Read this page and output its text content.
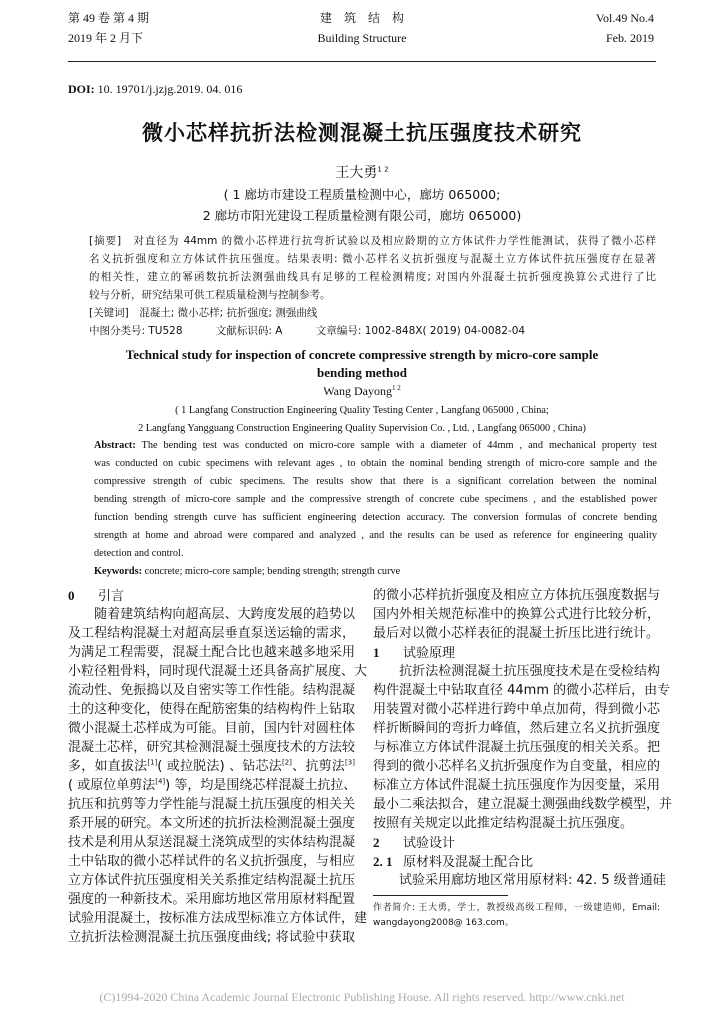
第 49 卷 第 4 期
2019 年 2 月下
建　筑　结　构
Building Structure
Vol.49 No.4
Feb. 2019
DOI: 10. 19701/j.jzjg.2019. 04. 016
微小芯样抗折法检测混凝土抗压强度技术研究
王大勇$^{1 2}$
( 1 廊坊市建设工程质量检测中心，廊坊 065000;
2 廊坊市阳光建设工程质量检测有限公司，廊坊 065000)
[摘要]　对直径为 44mm 的微小芯样进行抗弯折试验以及相应龄期的立方体试件力学性能测试，获得了微小芯样
名义抗折强度和立方体试件抗压强度。结果表明: 微小芯样名义抗折强度与混凝土立方体试件抗压强度存在显著
的相关性，建立的幂函数抗折法测强曲线具有足够的工程检测精度; 对国内外混凝土抗折强度换算公式进行了比
较与分析，研究结果可供工程质量检测与控制参考。
[关键词]　混凝土; 微小芯样; 抗折强度; 测强曲线
中图分类号: TU528	文献标识码: A	文章编号: 1002-848X( 2019) 04-0082-04
Technical study for inspection of concrete compressive strength by micro-core sample
bending method
Wang Dayong$^{1 2}$
( 1 Langfang Construction Engineering Quality Testing Center , Langfang 065000 , China;
2 Langfang Yangguang Construction Engineering Quality Supervision Co. , Ltd. , Langfang 065000 , China)
Abstract: The bending test was conducted on micro-core sample with a diameter of 44mm , and mechanical property test
was conducted on cubic specimens with relevant ages , to obtain the nominal bending strength of micro-core sample and the
compressive strength of cubic specimens. The results show that there is a significant correlation between the nominal
bending strength of micro-core sample and the compressive strength of concrete cube specimens , and the established power
function bending strength curve has sufficient engineering detection accuracy. The conversion formulas of concrete bending
strength at home and abroad were compared and analyzed , and the results can be used as reference for engineering quality
detection and control.
Keywords: concrete; micro-core sample; bending strength; strength curve
0 引言
　　随着建筑结构向超高层、大跨度发展的趋势以
及工程结构混凝土对超高层垂直泵送运输的需求，
为满足工程需要，混凝土配合比也越来越多地采用
小粒径粗骨料，同时现代混凝土还具备高扩展度、大
流动性、免振捣以及自密实等工作性能。结构混凝
土的这种变化，使得在配筋密集的结构构件上钻取
微小混凝土芯样成为可能。目前，国内针对圆柱体
混凝土芯样，研究其检测混凝土强度技术的方法较
多，如直拔法[1]( 或拉脱法) 、钻芯法[2]、抗剪法[3]
( 或原位单剪法[4]) 等，均是围绕芯样混凝土抗拉、
抗压和抗剪等力学性能与混凝土抗压强度的相关关
系开展的研究。本文所述的抗折法检测混凝土强度
技术是利用从泵送混凝土浇筑成型的实体结构混凝
土中钻取的微小芯样试件的名义抗折强度，与相应
立方体试件抗压强度相关关系推定结构混凝土抗压
强度的一种新技术。采用廊坊地区常用原材料配置
试验用混凝土，按标准方法成型标准立方体试件，建
立抗折法检测混凝土抗压强度曲线; 将试验中获取
的微小芯样抗折强度及相应立方体抗压强度数据与
国内外相关规范标准中的换算公式进行比较分析，
最后对以微小芯样表征的混凝土折压比进行统计。
1 试验原理
　　抗折法检测混凝土抗压强度技术是在受检结构
构件混凝土中钻取直径 44mm 的微小芯样后，由专
用装置对微小芯样进行跨中单点加荷，得到微小芯
样折断瞬间的弯折力峰值，然后建立名义抗折强度
与标准立方体试件混凝土抗压强度的相关关系。把
得到的微小芯样名义抗折强度作为自变量，相应的
标准立方体试件混凝土抗压强度作为因变量，采用
最小二乘法拟合，建立混凝土测强曲线数学模型，并
按照有关规定以此推定结构混凝土抗压强度。
2 试验设计
2. 1 原材料及混凝土配合比
　　试验采用廊坊地区常用原材料: 42. 5 级普通硅
作者简介: 王大勇，学士，教授级高级工程师，一级建造师，Email:
wangdayong2008@ 163.com。
(C)1994-2020 China Academic Journal Electronic Publishing House. All rights reserved. http://www.cnki.net
